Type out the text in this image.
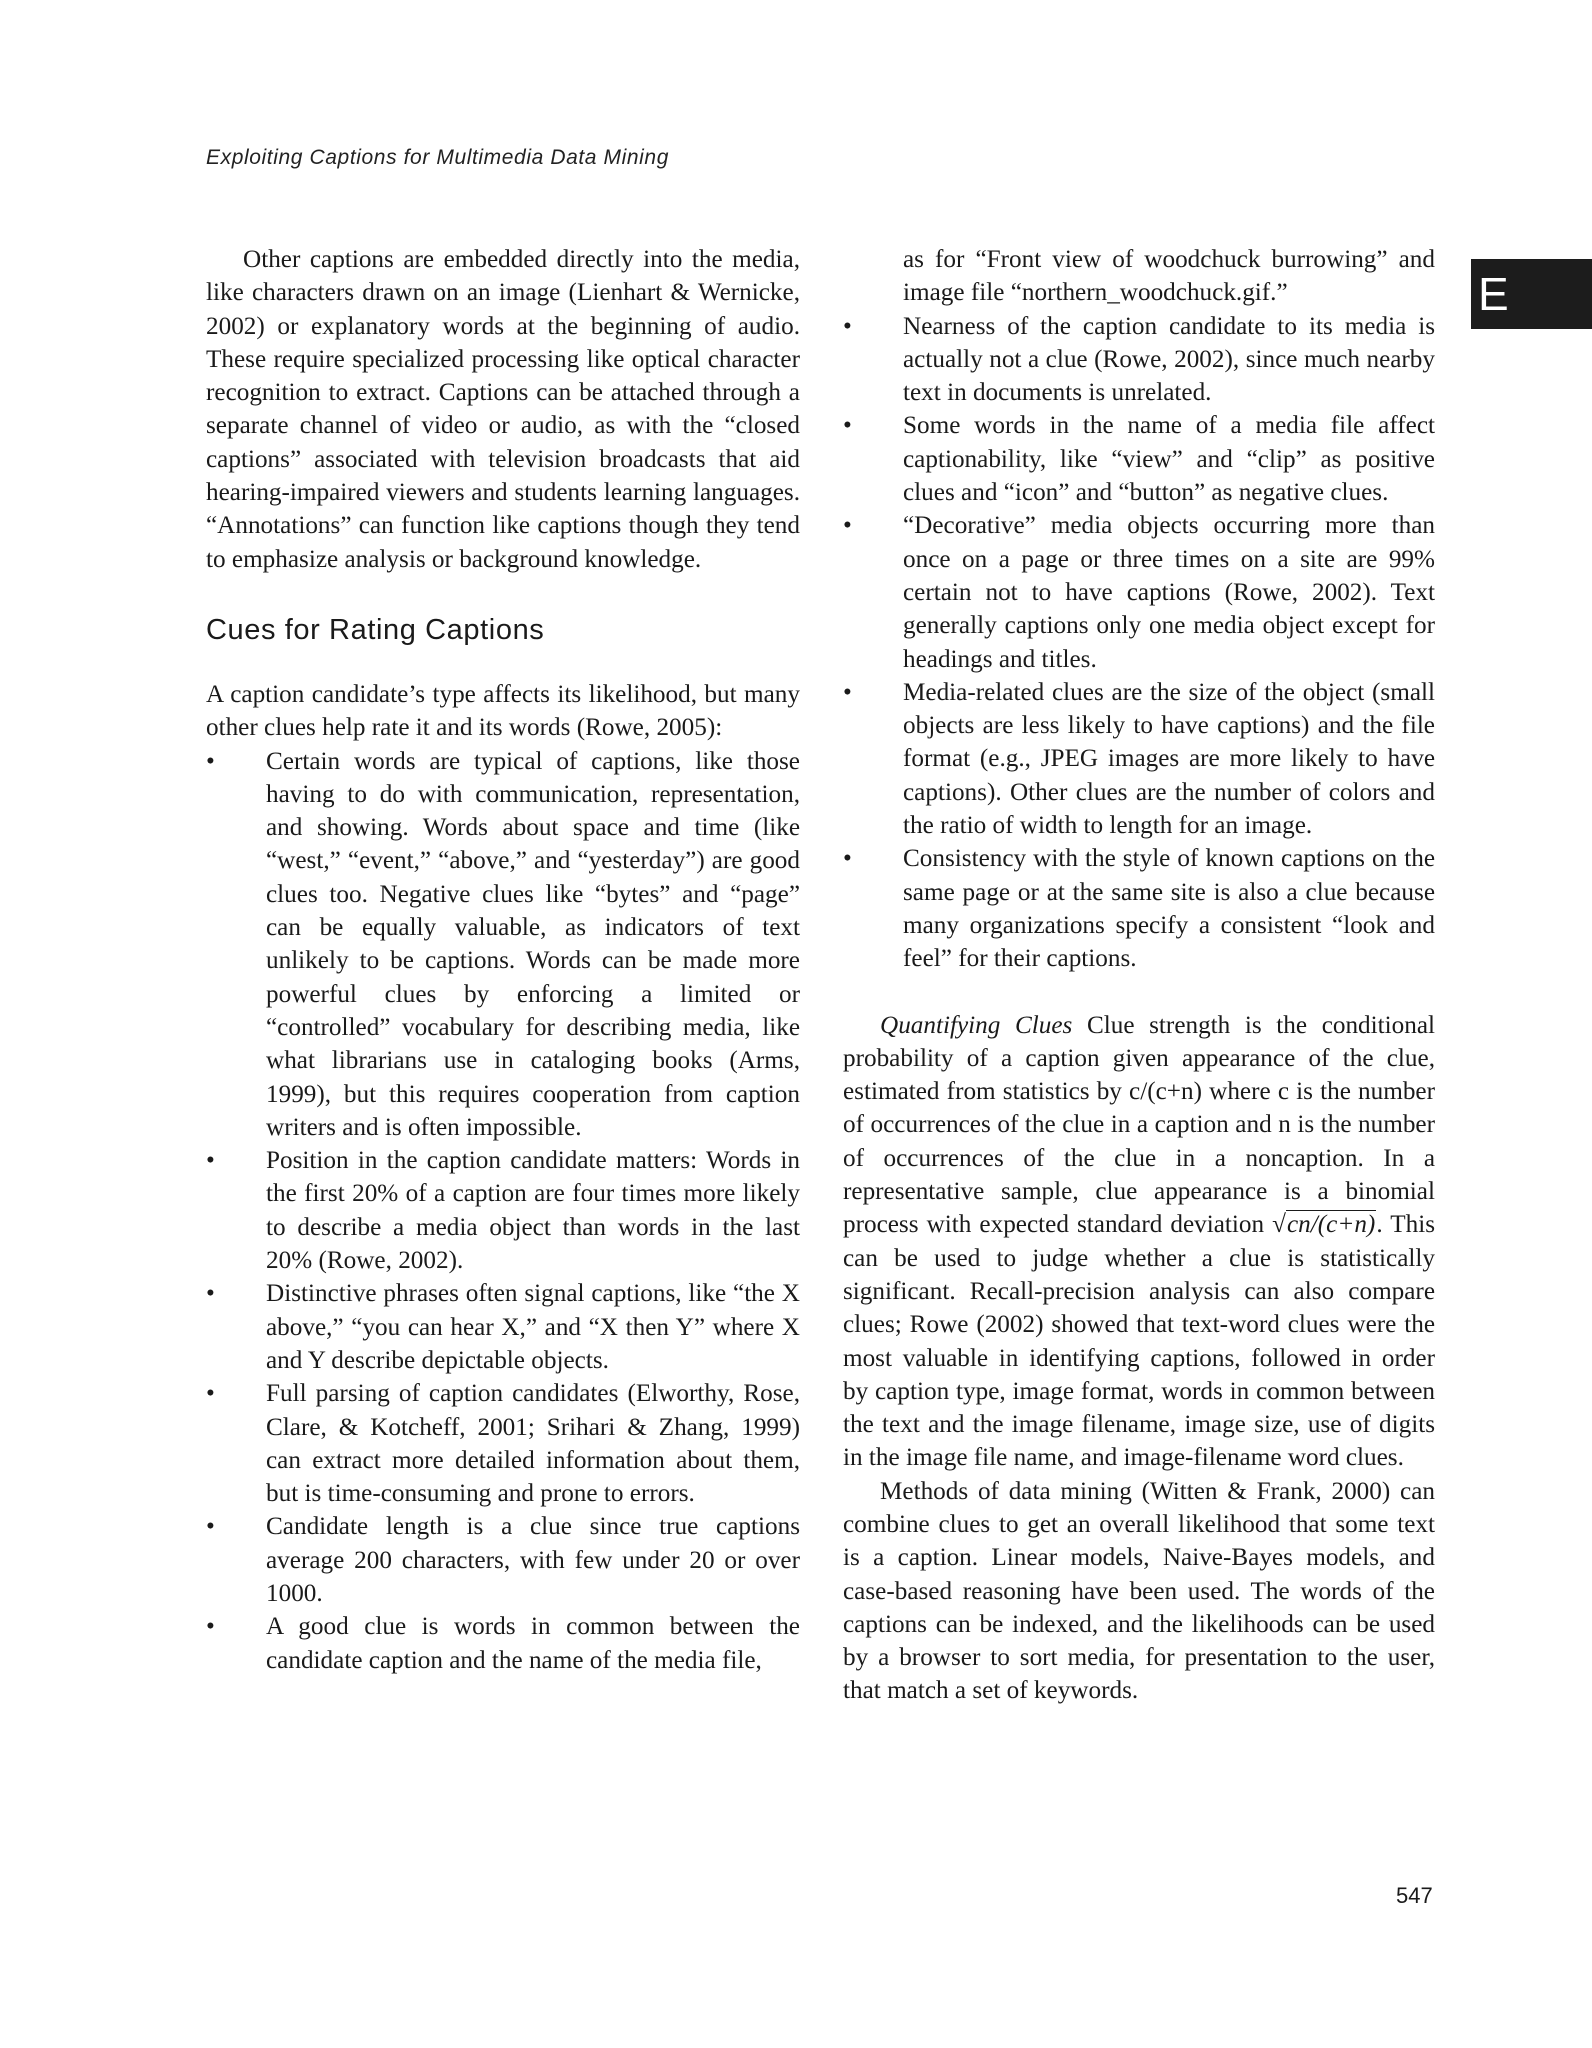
Exploiting Captions for Multimedia Data Mining
E

Other captions are embedded directly into the media, like characters drawn on an image (Lienhart & Wernicke, 2002) or explanatory words at the beginning of audio. These require specialized processing like optical character recognition to extract. Captions can be attached through a separate channel of video or audio, as with the “closed captions” associated with television broadcasts that aid hearing-impaired viewers and students learning languages. “Annotations” can function like captions though they tend to emphasize analysis or background knowledge.

Cues for Rating Captions

A caption candidate’s type affects its likelihood, but many other clues help rate it and its words (Rowe, 2005):

• Certain words are typical of captions, like those having to do with communication, representation, and showing. Words about space and time (like “west,” “event,” “above,” and “yesterday”) are good clues too. Negative clues like “bytes” and “page” can be equally valuable, as indicators of text unlikely to be captions. Words can be made more powerful clues by enforcing a limited or “controlled” vocabulary for describing media, like what librarians use in cataloging books (Arms, 1999), but this requires cooperation from caption writers and is often impossible.
• Position in the caption candidate matters: Words in the first 20% of a caption are four times more likely to describe a media object than words in the last 20% (Rowe, 2002).
• Distinctive phrases often signal captions, like “the X above,” “you can hear X,” and “X then Y” where X and Y describe depictable objects.
• Full parsing of caption candidates (Elworthy, Rose, Clare, & Kotcheff, 2001; Srihari & Zhang, 1999) can extract more detailed information about them, but is time-consuming and prone to errors.
• Candidate length is a clue since true captions average 200 characters, with few under 20 or over 1000.
• A good clue is words in common between the candidate caption and the name of the media file,
as for “Front view of woodchuck burrowing” and image file “northern_woodchuck.gif.”
• Nearness of the caption candidate to its media is actually not a clue (Rowe, 2002), since much nearby text in documents is unrelated.
• Some words in the name of a media file affect captionability, like “view” and “clip” as positive clues and “icon” and “button” as negative clues.
• “Decorative” media objects occurring more than once on a page or three times on a site are 99% certain not to have captions (Rowe, 2002). Text generally captions only one media object except for headings and titles.
• Media-related clues are the size of the object (small objects are less likely to have captions) and the file format (e.g., JPEG images are more likely to have captions). Other clues are the number of colors and the ratio of width to length for an image.
• Consistency with the style of known captions on the same page or at the same site is also a clue because many organizations specify a consistent “look and feel” for their captions.

Quantifying Clues Clue strength is the conditional probability of a caption given appearance of the clue, estimated from statistics by c/(c+n) where c is the number of occurrences of the clue in a caption and n is the number of occurrences of the clue in a noncaption. In a representative sample, clue appearance is a binomial process with expected standard deviation √cn/(c+n). This can be used to judge whether a clue is statistically significant. Recall-precision analysis can also compare clues; Rowe (2002) showed that text-word clues were the most valuable in identifying captions, followed in order by caption type, image format, words in common between the text and the image filename, image size, use of digits in the image file name, and image-filename word clues.

Methods of data mining (Witten & Frank, 2000) can combine clues to get an overall likelihood that some text is a caption. Linear models, Naive-Bayes models, and case-based reasoning have been used. The words of the captions can be indexed, and the likelihoods can be used by a browser to sort media, for presentation to the user, that match a set of keywords.

547
